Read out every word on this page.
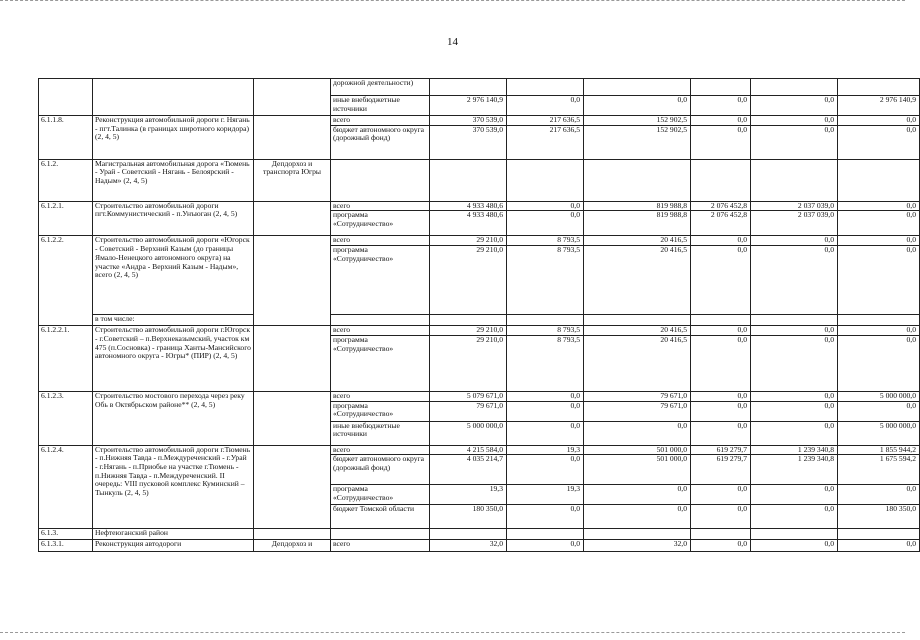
14
			дорожной деятельности)						
			иные внебюджетные источники	2 976 140,9	0,0	0,0	0,0	0,0	2 976 140,9
6.1.1.8.	Реконструкция автомобильной дороги г. Нягань - пгт.Талинка (в границах широтного коридора) (2, 4, 5)		всего	370 539,0	217 636,5	152 902,5	0,0	0,0	0,0
			бюджет автономного округа (дорожный фонд)	370 539,0	217 636,5	152 902,5	0,0	0,0	0,0
6.1.2.	Магистральная автомобильная дорога «Тюмень - Урай - Советский - Нягань - Белоярский - Надым» (2, 4, 5)	Депдорхоз и транспорта Югры							
6.1.2.1.	Строительство автомобильной дороги пгт.Коммунистический - п.Унъюган (2, 4, 5)		всего	4 933 480,6	0,0	819 988,8	2 076 452,8	2 037 039,0	0,0
			программа «Сотрудничество»	4 933 480,6	0,0	819 988,8	2 076 452,8	2 037 039,0	0,0
6.1.2.2.	Строительство автомобильной дороги «Югорск - Советский - Верхний Казым (до границы Ямало-Ненецкого автономного округа) на участке «Андра - Верхний Казым - Надым», всего (2, 4, 5)		всего	29 210,0	8 793,5	20 416,5	0,0	0,0	0,0
			программа «Сотрудничество»	29 210,0	8 793,5	20 416,5	0,0	0,0	0,0
	в том числе:								
6.1.2.2.1.	Строительство автомобильной дороги г.Югорск - г.Советский – п.Верхнеказымский, участок км 475 (п.Сосновка) - граница Ханты-Мансийского автономного округа - Югры* (ПИР) (2, 4, 5)		всего	29 210,0	8 793,5	20 416,5	0,0	0,0	0,0
			программа «Сотрудничество»	29 210,0	8 793,5	20 416,5	0,0	0,0	0,0
6.1.2.3.	Строительство мостового перехода через реку Обь в Октябрьском районе** (2, 4, 5)		всего	5 079 671,0	0,0	79 671,0	0,0	0,0	5 000 000,0
			программа «Сотрудничество»	79 671,0	0,0	79 671,0	0,0	0,0	0,0
			иные внебюджетные источники	5 000 000,0	0,0	0,0	0,0	0,0	5 000 000,0
6.1.2.4.	Строительство автомобильной дороги г.Тюмень - п.Нижняя Тавда - п.Междуреченский - г.Урай - г.Нягань - п.Приобье на участке г.Тюмень - п.Нижняя Тавда - п.Междуреченский. II очередь: VIII пусковой комплекс Куминский – Тынкуль (2, 4, 5)		всего	4 215 584,0	19,3	501 000,0	619 279,7	1 239 340,8	1 855 944,2
			бюджет автономного округа (дорожный фонд)	4 035 214,7	0,0	501 000,0	619 279,7	1 239 340,8	1 675 594,2
			программа «Сотрудничество»	19,3	19,3	0,0	0,0	0,0	0,0
			бюджет Томской области	180 350,0	0,0	0,0	0,0	0,0	180 350,0
6.1.3.	Нефтеюганский район								
6.1.3.1.	Реконструкция автодороги	Депдорхоз и	всего	32,0	0,0	32,0	0,0	0,0	0,0
